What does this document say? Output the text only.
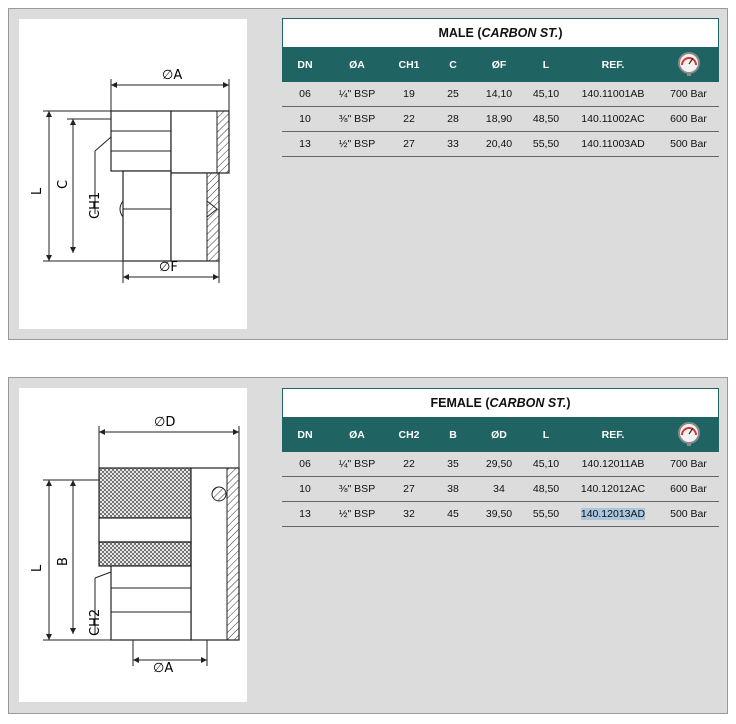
∅A
∅F
L
C
CH1
MALE ( CARBON ST. )
DN	ØA	CH1	C	ØF	L	REF.	
06	¼" BSP	19	25	14,10	45,10	140.11001AB	700 Bar
10	⅜" BSP	22	28	18,90	48,50	140.11002AC	600 Bar
13	½" BSP	27	33	20,40	55,50	140.11003AD	500 Bar
∅D
∅A
L
B
CH2
FEMALE ( CARBON ST. )
DN	ØA	CH2	B	ØD	L	REF.	
06	¼" BSP	22	35	29,50	45,10	140.12011AB	700 Bar
10	⅜" BSP	27	38	34	48,50	140.12012AC	600 Bar
13	½" BSP	32	45	39,50	55,50	140.12013AD	500 Bar
